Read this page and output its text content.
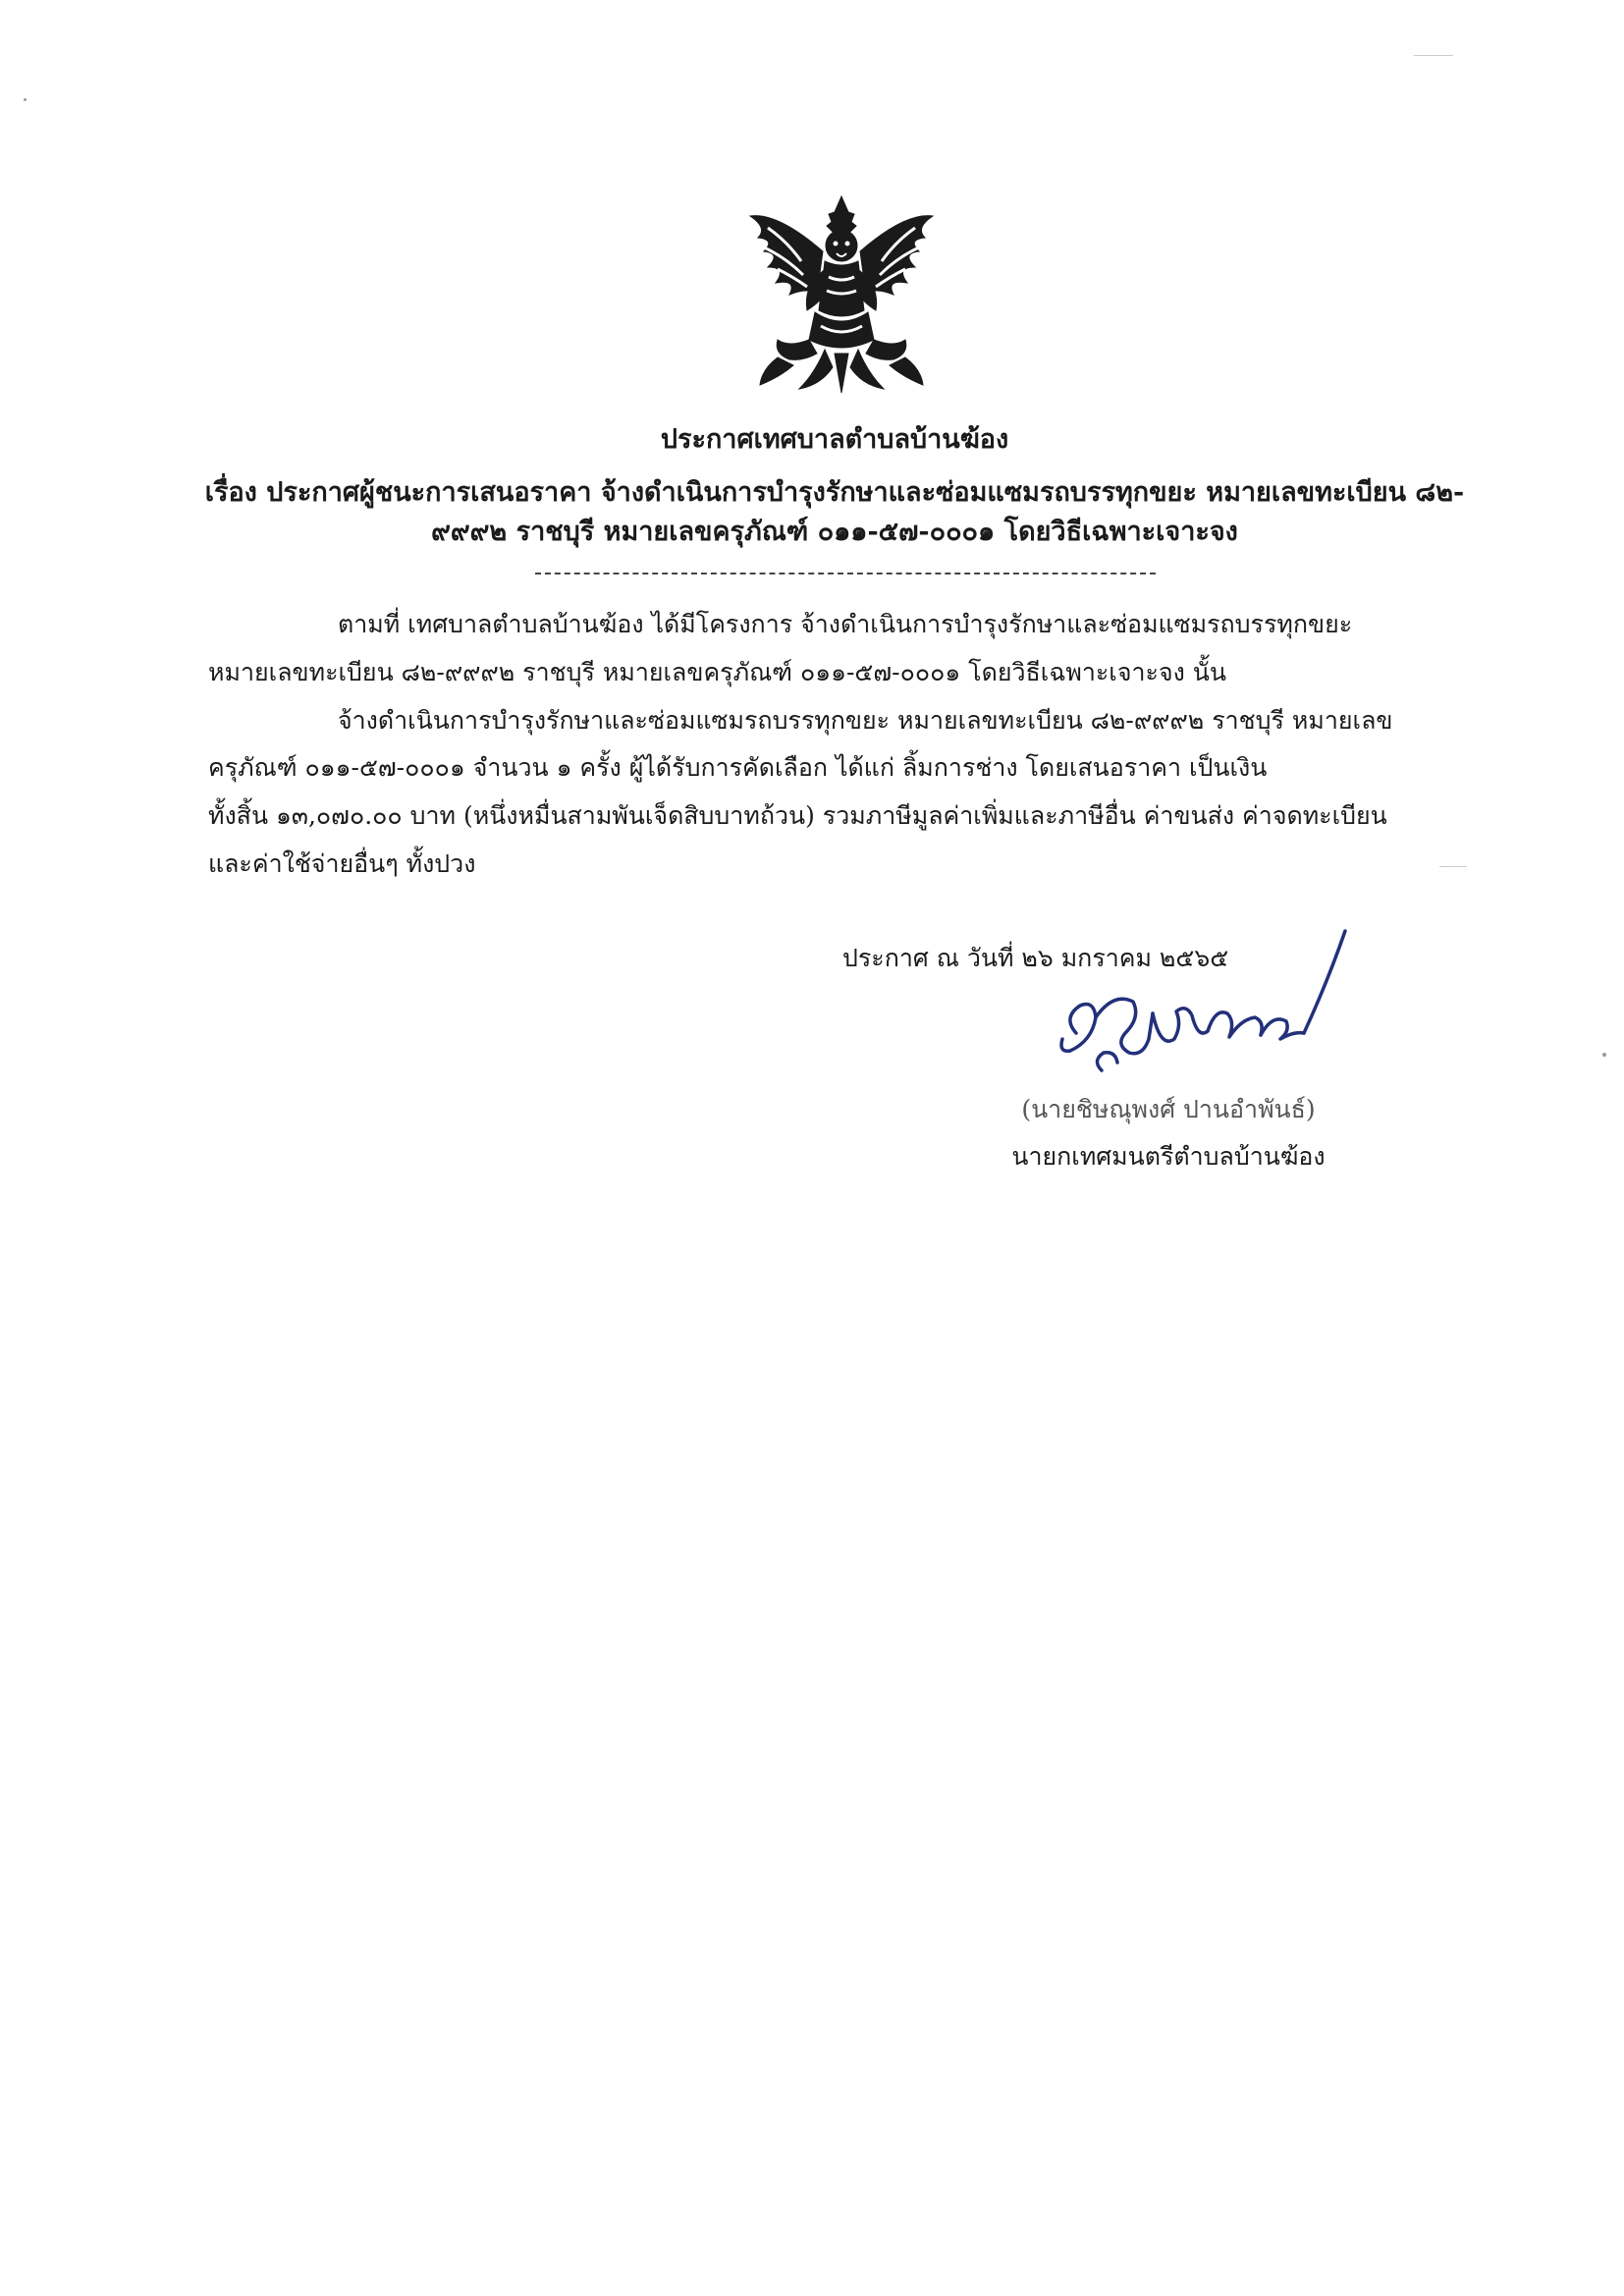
ประกาศเทศบาลตำบลบ้านฆ้อง
เรื่อง ประกาศผู้ชนะการเสนอราคา จ้างดำเนินการบำรุงรักษาและซ่อมแซมรถบรรทุกขยะ หมายเลขทะเบียน ๘๒-
๙๙๙๒ ราชบุรี หมายเลขครุภัณฑ์ ๐๑๑-๕๗-๐๐๐๑ โดยวิธีเฉพาะเจาะจง
ตามที่ เทศบาลตำบลบ้านฆ้อง ได้มีโครงการ จ้างดำเนินการบำรุงรักษาและซ่อมแซมรถบรรทุกขยะ
หมายเลขทะเบียน ๘๒-๙๙๙๒ ราชบุรี หมายเลขครุภัณฑ์ ๐๑๑-๕๗-๐๐๐๑ โดยวิธีเฉพาะเจาะจง นั้น
จ้างดำเนินการบำรุงรักษาและซ่อมแซมรถบรรทุกขยะ หมายเลขทะเบียน ๘๒-๙๙๙๒ ราชบุรี หมายเลข
ครุภัณฑ์ ๐๑๑-๕๗-๐๐๐๑ จำนวน ๑ ครั้ง ผู้ได้รับการคัดเลือก ได้แก่ ลิ้มการช่าง โดยเสนอราคา เป็นเงิน
ทั้งสิ้น ๑๓,๐๗๐.๐๐ บาท (หนึ่งหมื่นสามพันเจ็ดสิบบาทถ้วน) รวมภาษีมูลค่าเพิ่มและภาษีอื่น ค่าขนส่ง ค่าจดทะเบียน
และค่าใช้จ่ายอื่นๆ ทั้งปวง
ประกาศ ณ วันที่ ๒๖ มกราคม ๒๕๖๕
(นายชิษณุพงศ์ ปานอำพันธ์)
นายกเทศมนตรีตำบลบ้านฆ้อง
